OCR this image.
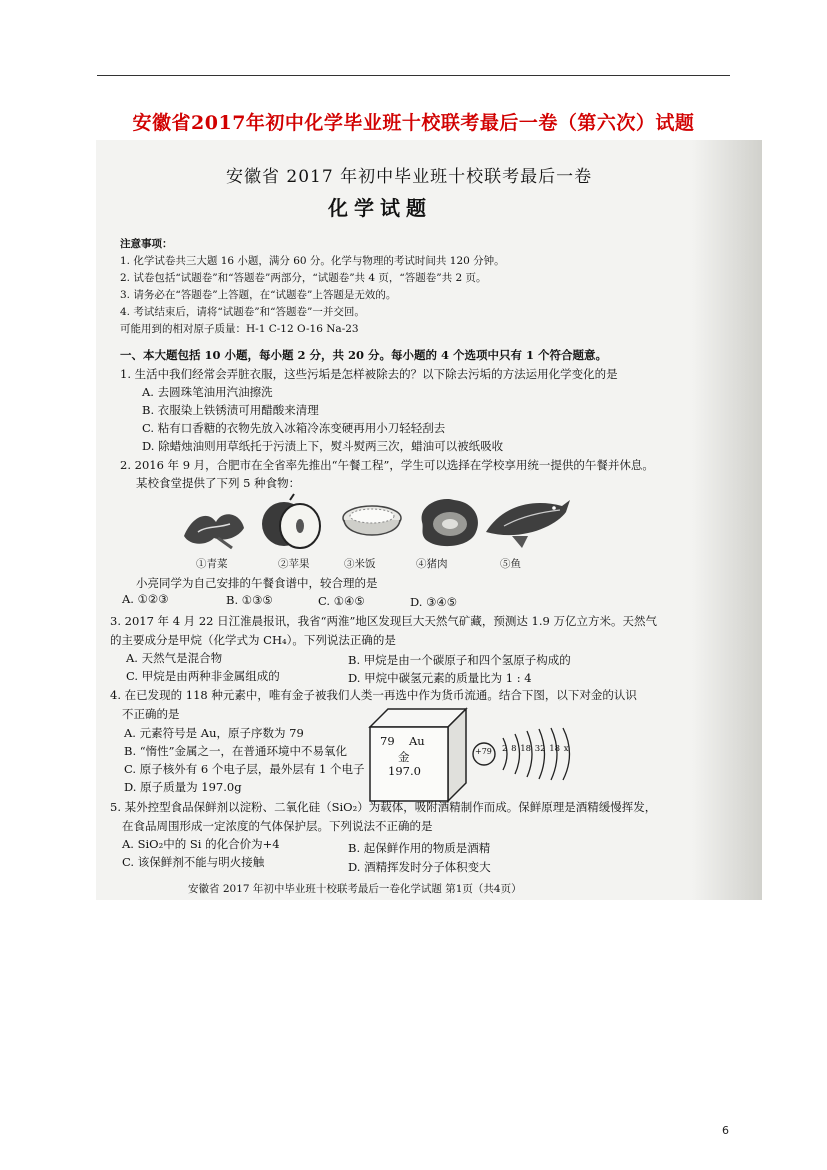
安徽省2017年初中化学毕业班十校联考最后一卷（第六次）试题
安徽省 2017 年初中毕业班十校联考最后一卷
化学试题
注意事项：
1. 化学试卷共三大题 16 小题，满分 60 分。化学与物理的考试时间共 120 分钟。
2. 试卷包括“试题卷”和“答题卷”两部分，“试题卷”共 4 页，“答题卷”共 2 页。
3. 请务必在“答题卷”上答题，在“试题卷”上答题是无效的。
4. 考试结束后，请将“试题卷”和“答题卷”一并交回。
可能用到的相对原子质量：H-1 C-12 O-16 Na-23
一、本大题包括 10 小题，每小题 2 分，共 20 分。每小题的 4 个选项中只有 1 个符合题意。
1. 生活中我们经常会弄脏衣服，这些污垢是怎样被除去的？以下除去污垢的方法运用化学变化的是
A. 去圆珠笔油用汽油擦洗
B. 衣服染上铁锈渍可用醋酸来清理
C. 粘有口香糖的衣物先放入冰箱冷冻变硬再用小刀轻轻刮去
D. 除蜡烛油则用草纸托于污渍上下，熨斗熨两三次，蜡油可以被纸吸收
2. 2016 年 9 月，合肥市在全省率先推出“午餐工程”，学生可以选择在学校享用统一提供的午餐并休息。
某校食堂提供了下列 5 种食物：
①青菜	②苹果	③米饭	④猪肉	⑤鱼
小亮同学为自己安排的午餐食谱中，较合理的是
A. ①②③	B. ①③⑤	C. ①④⑤	D. ③④⑤
3. 2017 年 4 月 22 日江淮晨报讯，我省“两淮”地区发现巨大天然气矿藏，预测达 1.9 万亿立方米。天然气
的主要成分是甲烷（化学式为 CH₄）。下列说法正确的是
A. 天然气是混合物	B. 甲烷是由一个碳原子和四个氢原子构成的
C. 甲烷是由两种非金属组成的	D. 甲烷中碳氢元素的质量比为 1 : 4
4. 在已发现的 118 种元素中，唯有金子被我们人类一再选中作为货币流通。结合下图，以下对金的认识
不正确的是
A. 元素符号是 Au，原子序数为 79
B. “惰性”金属之一，在普通环境中不易氧化
C. 原子核外有 6 个电子层，最外层有 1 个电子
D. 原子质量为 197.0g
79 Au
金
197.0
+79 2 8 18 32 18 x
5. 某外控型食品保鲜剂以淀粉、二氧化硅（SiO₂）为载体，吸附酒精制作而成。保鲜原理是酒精缓慢挥发，
在食品周围形成一定浓度的气体保护层。下列说法不正确的是
A. SiO₂中的 Si 的化合价为+4	B. 起保鲜作用的物质是酒精
C. 该保鲜剂不能与明火接触	D. 酒精挥发时分子体积变大
安徽省 2017 年初中毕业班十校联考最后一卷化学试题 第1页（共4页）
6
